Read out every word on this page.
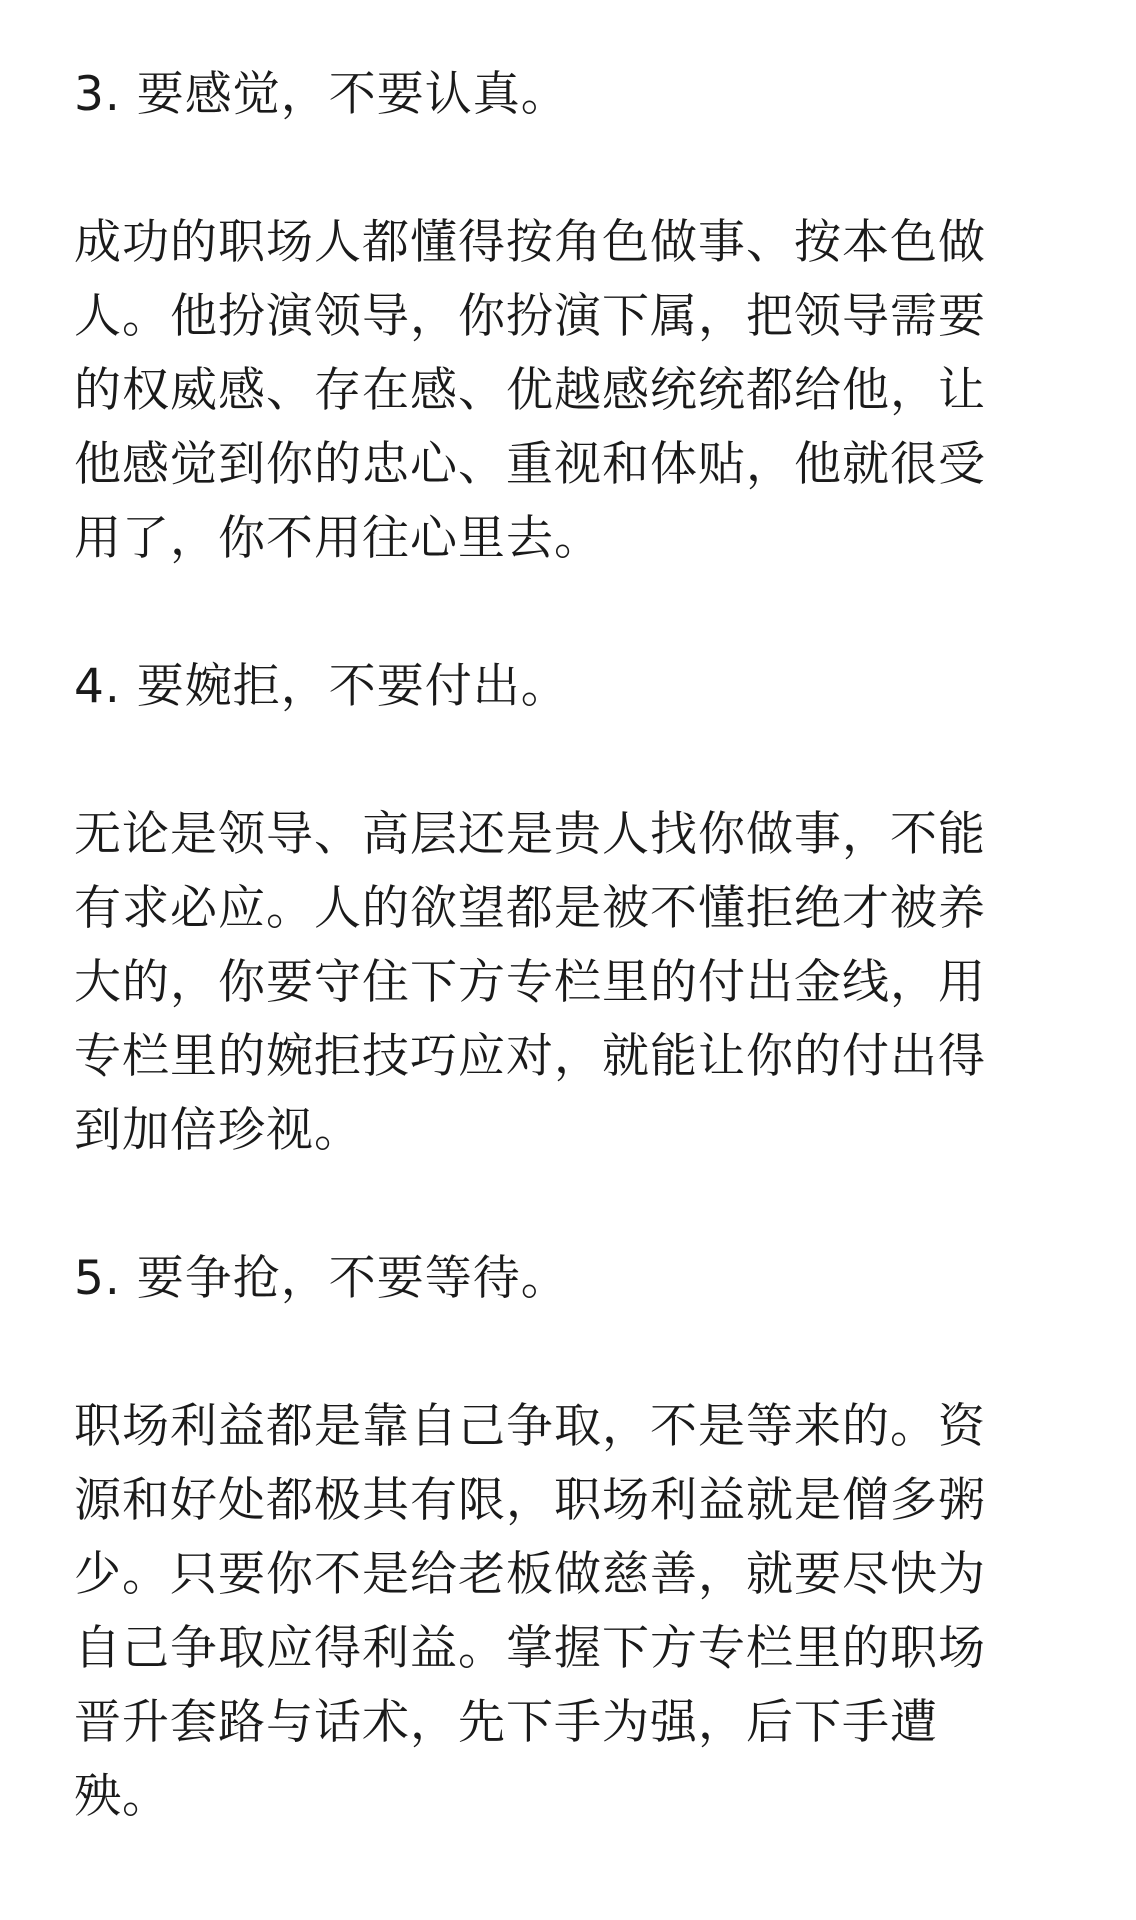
3. 要感觉，不要认真。
成功的职场人都懂得按角色做事、按本色做
人。他扮演领导，你扮演下属，把领导需要
的权威感、存在感、优越感统统都给他，让
他感觉到你的忠心、重视和体贴，他就很受
用了，你不用往心里去。
4. 要婉拒，不要付出。
无论是领导、高层还是贵人找你做事，不能
有求必应。人的欲望都是被不懂拒绝才被养
大的，你要守住下方专栏里的付出金线，用
专栏里的婉拒技巧应对，就能让你的付出得
到加倍珍视。
5. 要争抢，不要等待。
职场利益都是靠自己争取，不是等来的。资
源和好处都极其有限，职场利益就是僧多粥
少。只要你不是给老板做慈善，就要尽快为
自己争取应得利益。掌握下方专栏里的职场
晋升套路与话术，先下手为强，后下手遭
殃。
